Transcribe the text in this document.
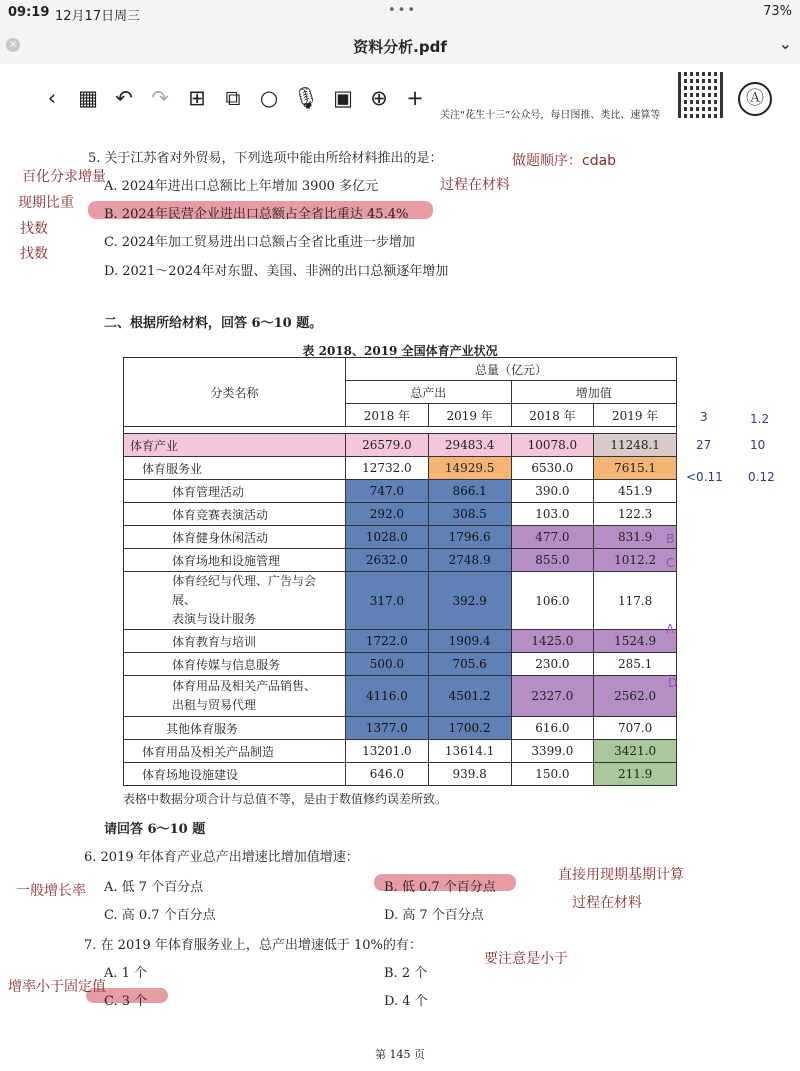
09:19 12月17日周三	•••	73%
×	资料分析.pdf	⌄
‹	▦ ↶ ↷ ⊞ ⧉ ○ 🎙 ▣ ⊕ +
关注“花生十三”公众号，每日图推、类比、速算等
Ⓐ
5. 关于江苏省对外贸易，下列选项中能由所给材料推出的是：
A. 2024年进出口总额比上年增加 3900 多亿元
B. 2024年民营企业进出口总额占全省比重达 45.4%
C. 2024年加工贸易进出口总额占全省比重进一步增加
D. 2021～2024年对东盟、美国、非洲的出口总额逐年增加
百化分求增量
现期比重
找数
找数
做题顺序：cdab
过程在材料
二、根据所给材料，回答 6～10 题。
表 2018、2019 全国体育产业状况
分类名称	总量（亿元）			
	总产出		增加值	
	2018 年	2019 年	2018 年	2019 年

体育产业	26579.0	29483.4	10078.0	11248.1
体育服务业	12732.0	14929.5	6530.0	7615.1
体育管理活动	747.0	866.1	390.0	451.9
体育竞赛表演活动	292.0	308.5	103.0	122.3
体育健身休闲活动	1028.0	1796.6	477.0	831.9
体育场地和设施管理	2632.0	2748.9	855.0	1012.2

体育经纪与代理、广告与会展、
表演与设计服务	317.0	392.9	106.0	117.8
体育教育与培训	1722.0	1909.4	1425.0	1524.9
体育传媒与信息服务	500.0	705.6	230.0	285.1

体育用品及相关产品销售、
出租与贸易代理	4116.0	4501.2	2327.0	2562.0
其他体育服务	1377.0	1700.2	616.0	707.0
体育用品及相关产品制造	13201.0	13614.1	3399.0	3421.0
体育场地设施建设	646.0	939.8	150.0	211.9
3
27
1.2
10
<0.11 0.12
B
C
A
D
表格中数据分项合计与总值不等，是由于数值修约误差所致。
请回答 6～10 题
6. 2019 年体育产业总产出增速比增加值增速：
A. 低 7 个百分点	B. 低 0.7 个百分点
C. 高 0.7 个百分点	D. 高 7 个百分点
一般增长率
直接用现期基期计算
过程在材料
7. 在 2019 年体育服务业上，总产出增速低于 10%的有：
A. 1 个	B. 2 个
C. 3 个	D. 4 个
要注意是小于
增率小于固定值
第 145 页
